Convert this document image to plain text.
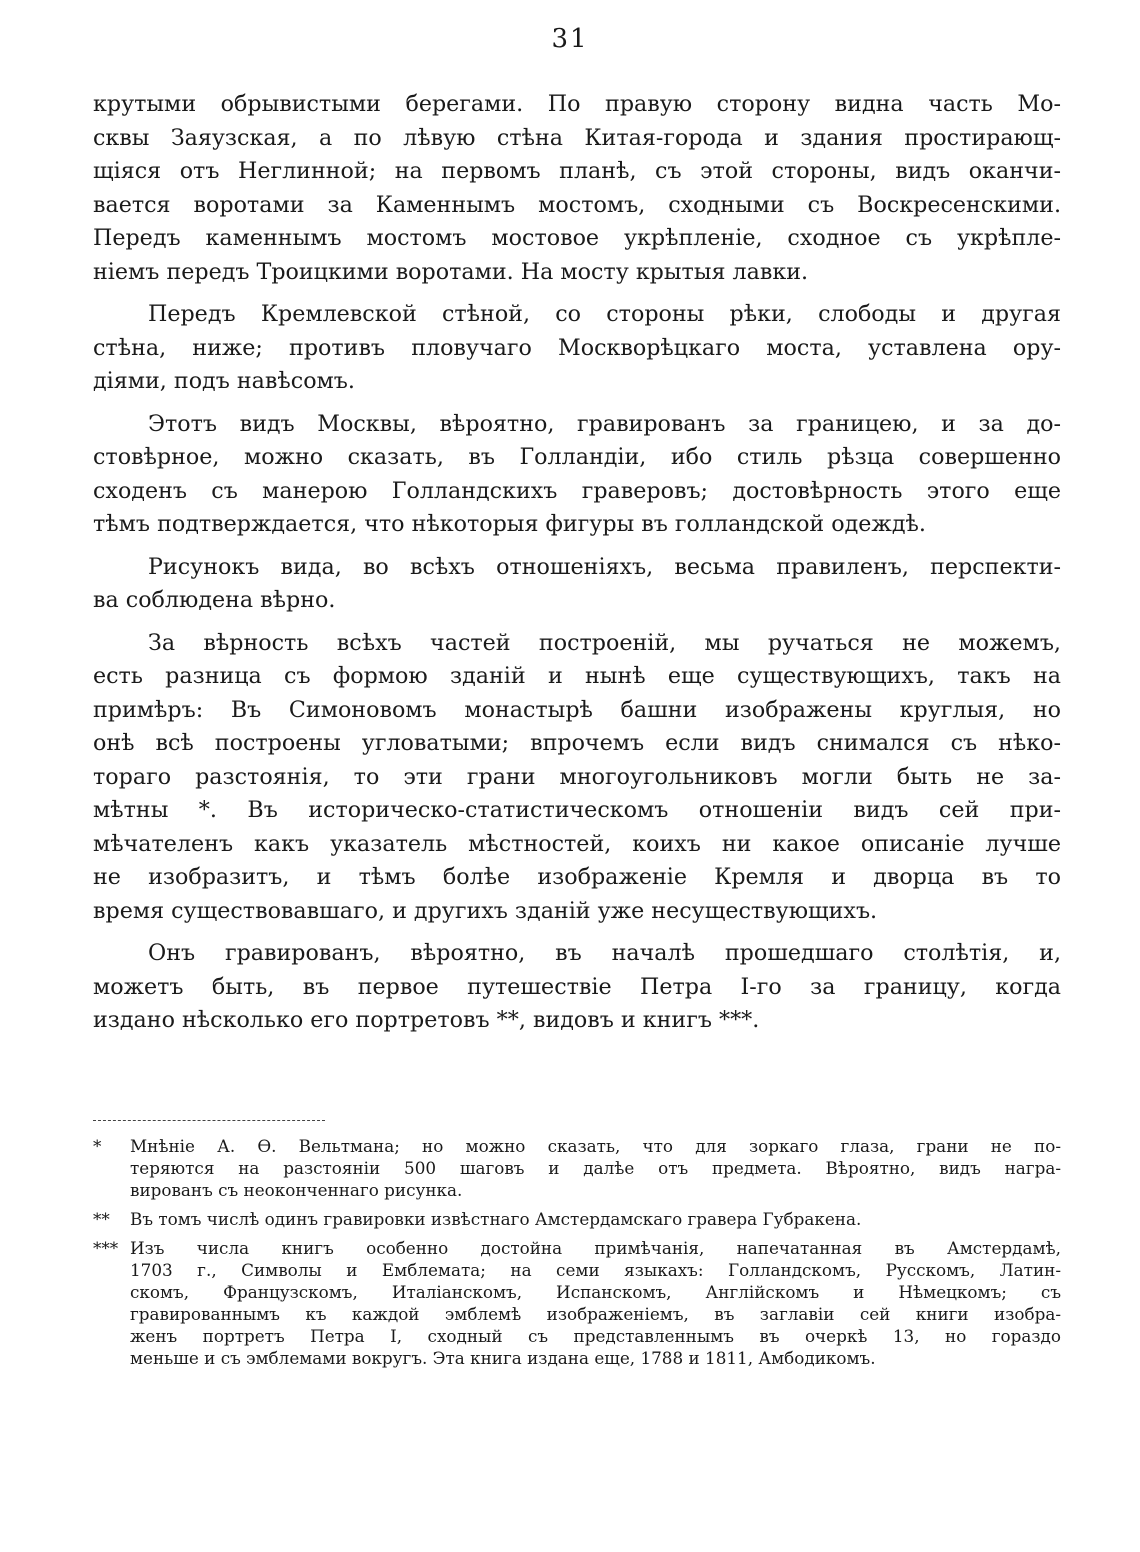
31
крутыми обрывистыми берегами. По правую сторону видна часть Мо-
сквы Заяузская, а по лѣвую стѣна Китая-города и здания простирающ-
щiяся отъ Неглинной; на первомъ планѣ, съ этой стороны, видъ оканчи-
вается воротами за Каменнымъ мостомъ, сходными съ Воскресенскими.
Передъ каменнымъ мостомъ мостовое укрѣпленiе, сходное съ укрѣпле-
нiемъ передъ Троицкими воротами. На мосту крытыя лавки.
Передъ Кремлевской стѣной, со стороны рѣки, слободы и другая
стѣна, ниже; противъ пловучаго Москворѣцкаго моста, уставлена ору-
дiями, подъ навѣсомъ.
Этотъ видъ Москвы, вѣроятно, гравированъ за границею, и за до-
стовѣрное, можно сказать, въ Голландiи, ибо стиль рѣзца совершенно
сходенъ съ манерою Голландскихъ граверовъ; достовѣрность этого еще
тѣмъ подтверждается, что нѣкоторыя фигуры въ голландской одеждѣ.
Рисунокъ вида, во всѣхъ отношенiяхъ, весьма правиленъ, перспекти-
ва соблюдена вѣрно.
За вѣрность всѣхъ частей построенiй, мы ручаться не можемъ,
есть разница съ формою зданiй и нынѣ еще существующихъ, такъ на
примѣръ: Въ Симоновомъ монастырѣ башни изображены круглыя, но
онѣ всѣ построены угловатыми; впрочемъ если видъ снимался съ нѣко-
тораго разстоянiя, то эти грани многоугольниковъ могли быть не за-
мѣтны *. Въ историческо-статистическомъ отношенiи видъ сей при-
мѣчателенъ какъ указатель мѣстностей, коихъ ни какое описанiе лучше
не изобразитъ, и тѣмъ болѣе изображенiе Кремля и дворца въ то
время существовавшаго, и другихъ зданiй уже несуществующихъ.
Онъ гравированъ, вѣроятно, въ началѣ прошедшаго столѣтiя, и,
можетъ быть, въ первое путешествiе Петра I-го за границу, когда
издано нѣсколько его портретовъ **, видовъ и книгъ ***.
* Мнѣнiе А. Ѳ. Вельтмана; но можно сказать, что для зоркаго глаза, грани не по-
теряются на разстоянiи 500 шаговъ и далѣе отъ предмета. Вѣроятно, видъ награ-
вированъ съ неоконченнаго рисунка.
** Въ томъ числѣ одинъ гравировки извѣстнаго Амстердамскаго гравера Губракена.
*** Изъ числа книгъ особенно достойна примѣчанiя, напечатанная въ Амстердамѣ,
1703 г., Символы и Емблемата; на семи языкахъ: Голландскомъ, Русскомъ, Латин-
скомъ, Французскомъ, Италiанскомъ, Испанскомъ, Англiйскомъ и Нѣмецкомъ; съ
гравированнымъ къ каждой эмблемѣ изображенiемъ, въ заглавiи сей книги изобра-
женъ портретъ Петра I, сходный съ представленнымъ въ очеркѣ 13, но гораздо
меньше и съ эмблемами вокругъ. Эта книга издана еще, 1788 и 1811, Амбодикомъ.
